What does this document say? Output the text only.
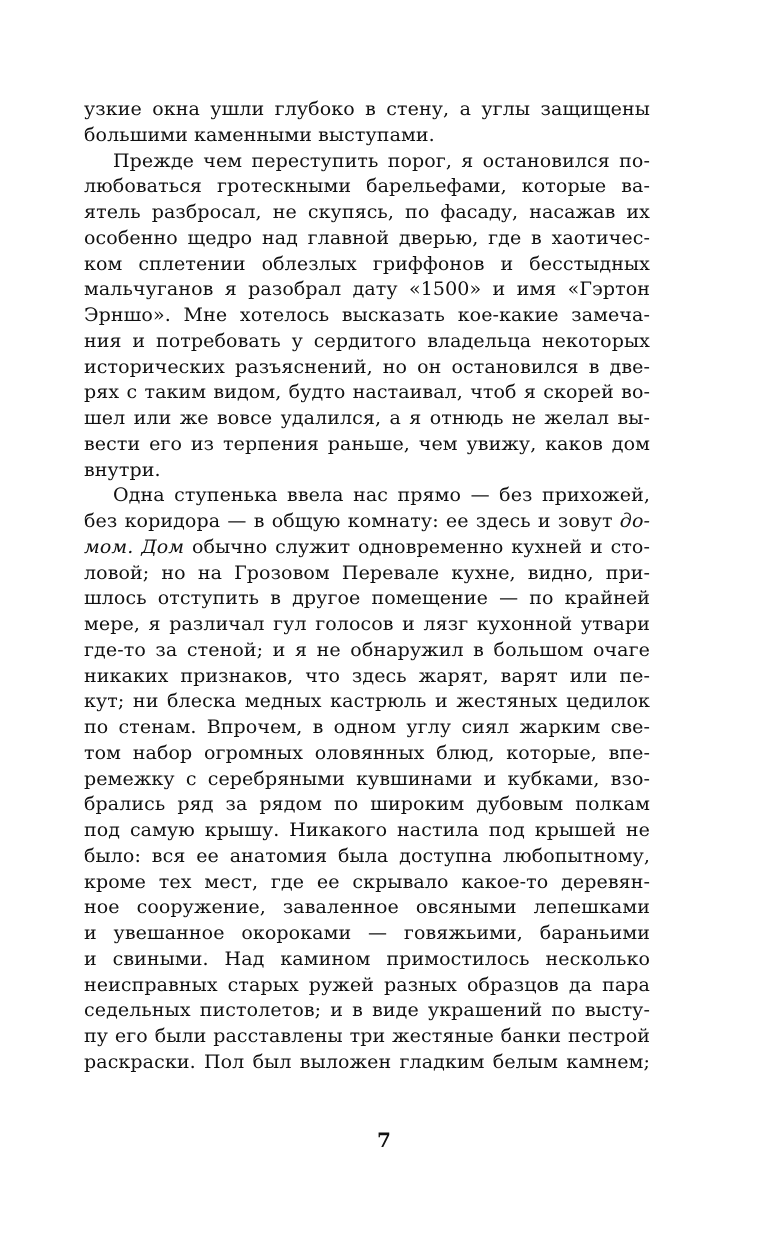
узкие окна ушли глубоко в стену, а углы защищены
большими каменными выступами.
Прежде чем переступить порог, я остановился по-
любоваться гротескными барельефами, которые ва-
ятель разбросал, не скупясь, по фасаду, насажав их
особенно щедро над главной дверью, где в хаотичес-
ком сплетении облезлых гриффонов и бесстыдных
мальчуганов я разобрал дату «1500» и имя «Гэртон
Эрншо». Мне хотелось высказать кое-какие замеча-
ния и потребовать у сердитого владельца некоторых
исторических разъяснений, но он остановился в две-
рях с таким видом, будто настаивал, чтоб я скорей во-
шел или же вовсе удалился, а я отнюдь не желал вы-
вести его из терпения раньше, чем увижу, каков дом
внутри.
Одна ступенька ввела нас прямо — без прихожей,
без коридора — в общую комнату: ее здесь и зовут до-
мом. Дом обычно служит одновременно кухней и сто-
ловой; но на Грозовом Перевале кухне, видно, при-
шлось отступить в другое помещение — по крайней
мере, я различал гул голосов и лязг кухонной утвари
где-то за стеной; и я не обнаружил в большом очаге
никаких признаков, что здесь жарят, варят или пе-
кут; ни блеска медных кастрюль и жестяных цедилок
по стенам. Впрочем, в одном углу сиял жарким све-
том набор огромных оловянных блюд, которые, впе-
ремежку с серебряными кувшинами и кубками, взо-
брались ряд за рядом по широким дубовым полкам
под самую крышу. Никакого настила под крышей не
было: вся ее анатомия была доступна любопытному,
кроме тех мест, где ее скрывало какое-то деревян-
ное сооружение, заваленное овсяными лепешками
и увешанное окороками — говяжьими, бараньими
и свиными. Над камином примостилось несколько
неисправных старых ружей разных образцов да пара
седельных пистолетов; и в виде украшений по высту-
пу его были расставлены три жестяные банки пестрой
раскраски. Пол был выложен гладким белым камнем;
7
